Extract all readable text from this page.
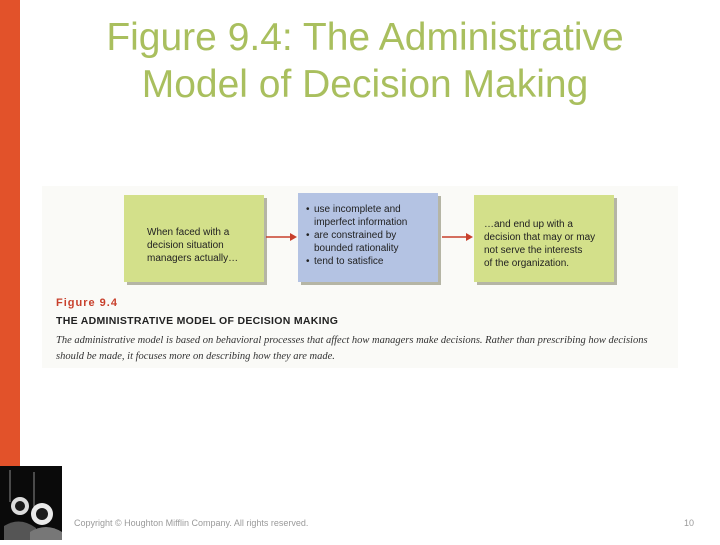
Figure 9.4: The Administrative
Model of Decision Making
When faced with a
decision situation
managers actually…
• use incomplete and
imperfect information
• are constrained by
bounded rationality
• tend to satisfice
…and end up with a
decision that may or may
not serve the interests
of the organization.
Figure 9.4
THE ADMINISTRATIVE MODEL OF DECISION MAKING
The administrative model is based on behavioral processes that affect how managers make decisions. Rather than prescribing how decisions should be made, it focuses more on describing how they are made.
Copyright © Houghton Mifflin Company. All rights reserved.	10
